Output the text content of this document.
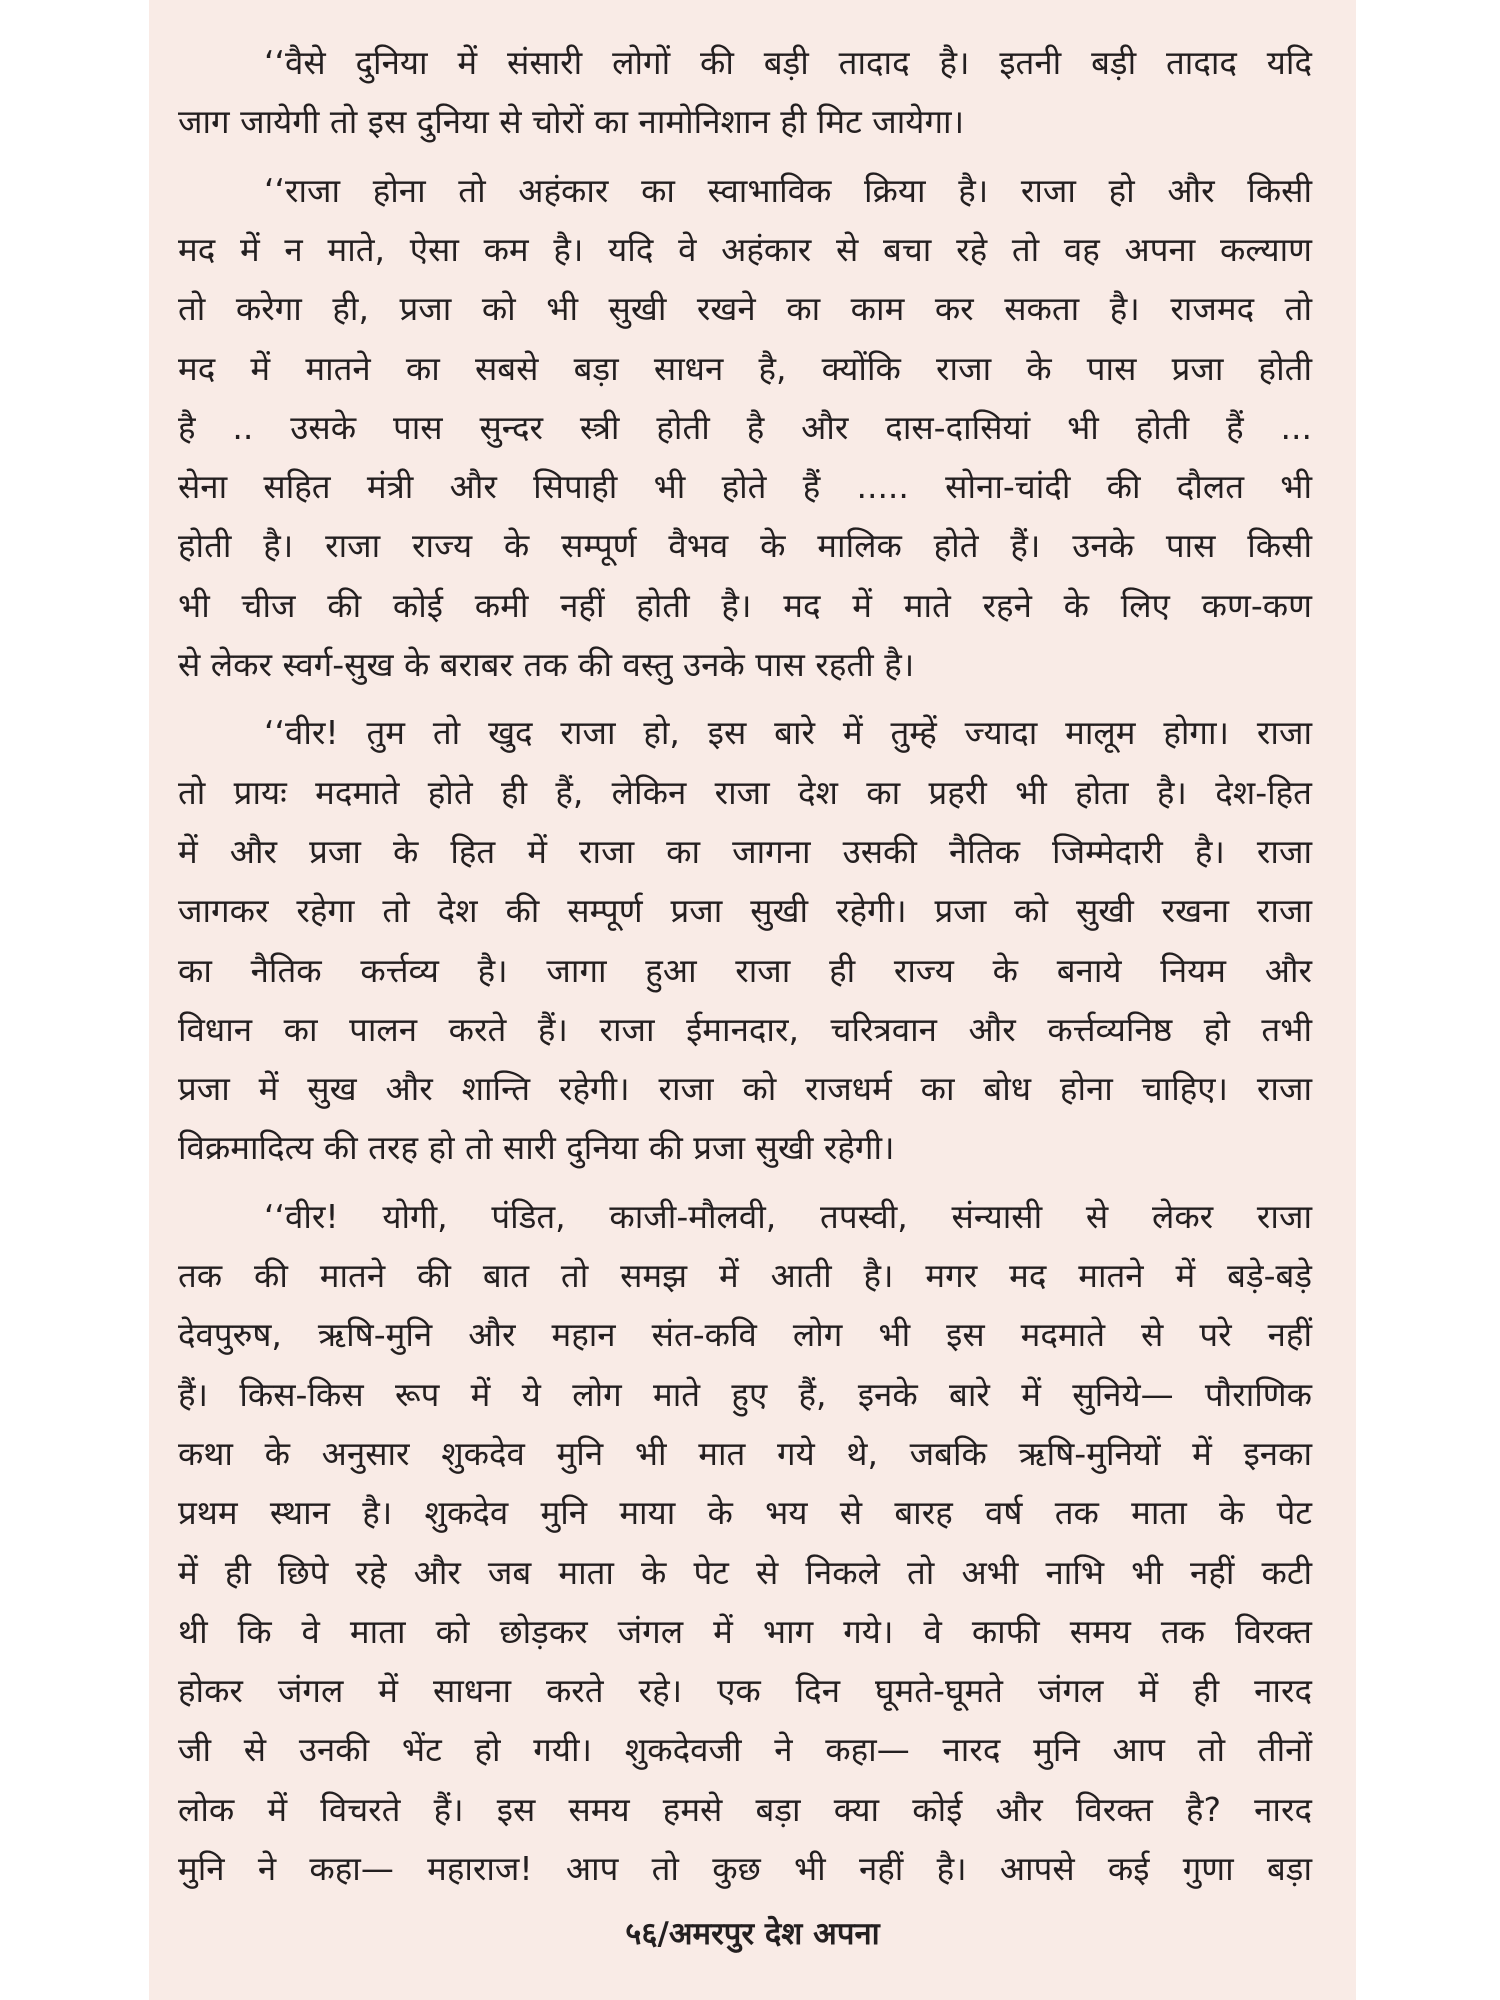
५६/अमरपुर देश अपना
‘‘वैसे दुनिया में संसारी लोगों की बड़ी तादाद है। इतनी बड़ी तादाद यदि
जाग जायेगी तो इस दुनिया से चोरों का नामोनिशान ही मिट जायेगा।
‘‘राजा होना तो अहंकार का स्वाभाविक क्रिया है। राजा हो और किसी
मद में न माते, ऐसा कम है। यदि वे अहंकार से बचा रहे तो वह अपना कल्याण
तो करेगा ही, प्रजा को भी सुखी रखने का काम कर सकता है। राजमद तो
मद में मातने का सबसे बड़ा साधन है, क्योंकि राजा के पास प्रजा होती
है .. उसके पास सुन्दर स्त्री होती है और दास-दासियां भी होती हैं ...
सेना सहित मंत्री और सिपाही भी होते हैं ..... सोना-चांदी की दौलत भी
होती है। राजा राज्य के सम्पूर्ण वैभव के मालिक होते हैं। उनके पास किसी
भी चीज की कोई कमी नहीं होती है। मद में माते रहने के लिए कण-कण
से लेकर स्वर्ग-सुख के बराबर तक की वस्तु उनके पास रहती है।
‘‘वीर! तुम तो खुद राजा हो, इस बारे में तुम्हें ज्यादा मालूम होगा। राजा
तो प्रायः मदमाते होते ही हैं, लेकिन राजा देश का प्रहरी भी होता है। देश-हित
में और प्रजा के हित में राजा का जागना उसकी नैतिक जिम्मेदारी है। राजा
जागकर रहेगा तो देश की सम्पूर्ण प्रजा सुखी रहेगी। प्रजा को सुखी रखना राजा
का नैतिक कर्त्तव्य है। जागा हुआ राजा ही राज्य के बनाये नियम और
विधान का पालन करते हैं। राजा ईमानदार, चरित्रवान और कर्त्तव्यनिष्ठ हो तभी
प्रजा में सुख और शान्ति रहेगी। राजा को राजधर्म का बोध होना चाहिए। राजा
विक्रमादित्य की तरह हो तो सारी दुनिया की प्रजा सुखी रहेगी।
‘‘वीर! योगी, पंडित, काजी-मौलवी, तपस्वी, संन्यासी से लेकर राजा
तक की मातने की बात तो समझ में आती है। मगर मद मातने में बड़े-बड़े
देवपुरुष, ऋषि-मुनि और महान संत-कवि लोग भी इस मदमाते से परे नहीं
हैं। किस-किस रूप में ये लोग माते हुए हैं, इनके बारे में सुनिये— पौराणिक
कथा के अनुसार शुकदेव मुनि भी मात गये थे, जबकि ऋषि-मुनियों में इनका
प्रथम स्थान है। शुकदेव मुनि माया के भय से बारह वर्ष तक माता के पेट
में ही छिपे रहे और जब माता के पेट से निकले तो अभी नाभि भी नहीं कटी
थी कि वे माता को छोड़कर जंगल में भाग गये। वे काफी समय तक विरक्त
होकर जंगल में साधना करते रहे। एक दिन घूमते-घूमते जंगल में ही नारद
जी से उनकी भेंट हो गयी। शुकदेवजी ने कहा— नारद मुनि आप तो तीनों
लोक में विचरते हैं। इस समय हमसे बड़ा क्या कोई और विरक्त है? नारद
मुनि ने कहा— महाराज! आप तो कुछ भी नहीं है। आपसे कई गुणा बड़ा
